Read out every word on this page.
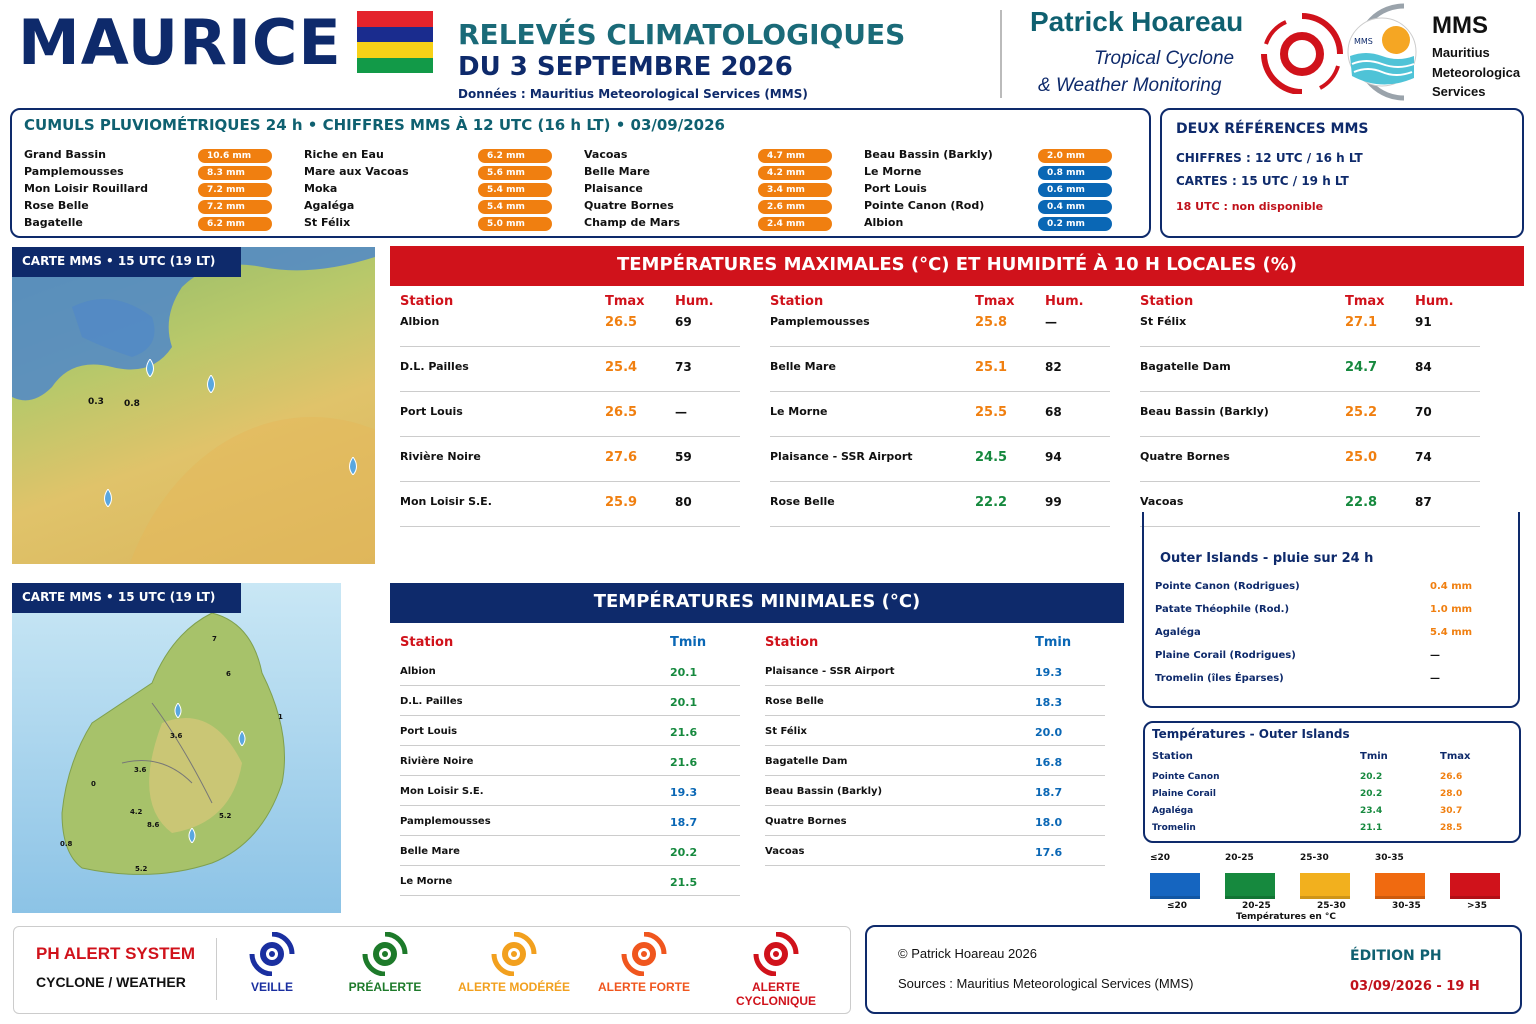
MAURICE	RELEVÉS CLIMATOLOGIQUES
DU 3 SEPTEMBRE 2026
Données : Mauritius Meteorological Services (MMS)
Patrick Hoareau
Tropical Cyclone
& Weather Monitoring
MMS
MMS
Mauritius
Meteorologica
Services
CUMULS PLUVIOMÉTRIQUES 24 h • CHIFFRES MMS À 12 UTC (16 h LT) • 03/09/2026
Grand Bassin	10.6 mm
Pamplemousses	8.3 mm
Mon Loisir Rouillard	7.2 mm
Rose Belle	7.2 mm
Bagatelle	6.2 mm
Riche en Eau	6.2 mm
Mare aux Vacoas	5.6 mm
Moka	5.4 mm
Agaléga	5.4 mm
St Félix	5.0 mm
Vacoas	4.7 mm
Belle Mare	4.2 mm
Plaisance	3.4 mm
Quatre Bornes	2.6 mm
Champ de Mars	2.4 mm
Beau Bassin (Barkly)	2.0 mm
Le Morne	0.8 mm
Port Louis	0.6 mm
Pointe Canon (Rod)	0.4 mm
Albion	0.2 mm
DEUX RÉFÉRENCES MMS
CHIFFRES : 12 UTC / 16 h LT
CARTES : 15 UTC / 19 h LT
18 UTC : non disponible
0.3 0.8
CARTE MMS • 15 UTC (19 LT)
7
6
1
3.6
3.6
0
4.2
8.6
5.2
0.8
5.2
CARTE MMS • 15 UTC (19 LT)
TEMPÉRATURES MAXIMALES (°C) ET HUMIDITÉ À 10 H LOCALES (%)
Station	Tmax Hum.
Albion	26.5	69
D.L. Pailles	25.4	73
Port Louis	26.5	—
Rivière Noire	27.6	59
Mon Loisir S.E.	25.9	80
Station	Tmax Hum.
Pamplemousses	25.8	—
Belle Mare	25.1	82
Le Morne	25.5	68
Plaisance - SSR Airport	24.5	94
Rose Belle	22.2	99
Station	Tmax Hum.
St Félix	27.1	91
Bagatelle Dam	24.7	84
Beau Bassin (Barkly)	25.2	70
Quatre Bornes	25.0	74
Vacoas	22.8	87
TEMPÉRATURES MINIMALES (°C)
Station	Tmin
Albion	20.1
D.L. Pailles	20.1
Port Louis	21.6
Rivière Noire	21.6
Mon Loisir S.E.	19.3
Pamplemousses	18.7
Belle Mare	20.2
Le Morne	21.5
Station	Tmin
Plaisance - SSR Airport	19.3
Rose Belle	18.3
St Félix	20.0
Bagatelle Dam	16.8
Beau Bassin (Barkly)	18.7
Quatre Bornes	18.0
Vacoas	17.6
Outer Islands - pluie sur 24 h
Pointe Canon (Rodrigues)	0.4 mm
Patate Théophile (Rod.)	1.0 mm
Agaléga	5.4 mm
Plaine Corail (Rodrigues)	—
Tromelin (îles Éparses)	—
Températures - Outer Islands
Station	Tmin	Tmax
Pointe Canon	20.2	26.6
Plaine Corail	20.2	28.0
Agaléga	23.4	30.7
Tromelin	21.1	28.5
≤20
≤20
20-25
20-25
25-30
25-30
30-35
30-35	>35
Températures en °C
PH ALERT SYSTEM
CYCLONE / WEATHER	VEILLE	PRÉALERTE	ALERTE MODÉRÉE	ALERTE FORTE	ALERTE CYCLONIQUE
© Patrick Hoareau 2026
Sources : Mauritius Meteorological Services (MMS)
ÉDITION PH
03/09/2026 - 19 H
